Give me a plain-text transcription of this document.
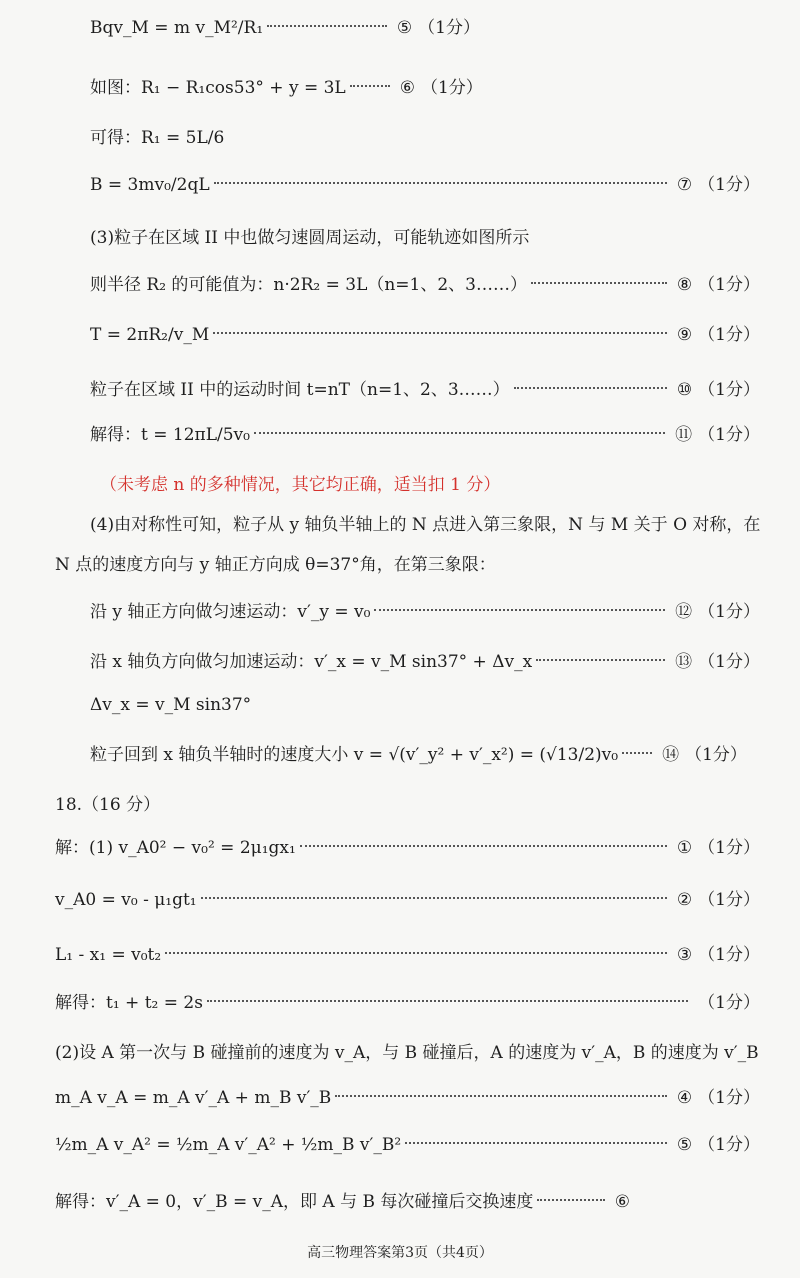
Bqv_M = m v_M²/R₁	⑤ （1分）
如图：R₁ − R₁cos53° + y = 3L	⑥ （1分）
可得：R₁ = 5L/6
B = 3mv₀/2qL	⑦ （1分）
(3)粒子在区域 II 中也做匀速圆周运动，可能轨迹如图所示
则半径 R₂ 的可能值为：n·2R₂ = 3L（n=1、2、3……）	⑧ （1分）
T = 2πR₂/v_M	⑨ （1分）
粒子在区域 II 中的运动时间 t=nT（n=1、2、3……）	⑩ （1分）
解得：t = 12πL/5v₀	⑪ （1分）
（未考虑 n 的多种情况，其它均正确，适当扣 1 分）
(4)由对称性可知，粒子从 y 轴负半轴上的 N 点进入第三象限，N 与 M 关于 O 对称，在
N 点的速度方向与 y 轴正方向成 θ=37°角，在第三象限：
沿 y 轴正方向做匀速运动：v′_y = v₀	⑫ （1分）
沿 x 轴负方向做匀加速运动：v′_x = v_M sin37° + Δv_x	⑬ （1分）
Δv_x = v_M sin37°
粒子回到 x 轴负半轴时的速度大小 v = √(v′_y² + v′_x²) = (√13/2)v₀	⑭ （1分）
18.（16 分）
解：(1) v_A0² − v₀² = 2μ₁gx₁	① （1分）
v_A0 = v₀ - μ₁gt₁	② （1分）
L₁ - x₁ = v₀t₂	③ （1分）
解得：t₁ + t₂ = 2s	（1分）
(2)设 A 第一次与 B 碰撞前的速度为 v_A，与 B 碰撞后，A 的速度为 v′_A，B 的速度为 v′_B
m_A v_A = m_A v′_A + m_B v′_B	④ （1分）
½m_A v_A² = ½m_A v′_A² + ½m_B v′_B²	⑤ （1分）
解得：v′_A = 0，v′_B = v_A，即 A 与 B 每次碰撞后交换速度	⑥
高三物理答案第3页（共4页）
